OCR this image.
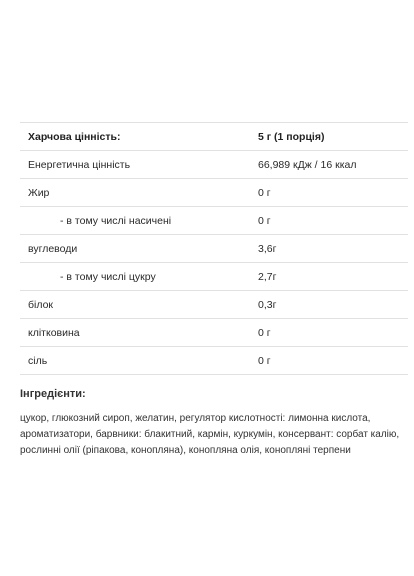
Харчова цінність:	5 г (1 порція)
Енергетична цінність	66,989 кДж / 16 ккал
Жир	0 г
- в тому числі насичені	0 г
вуглеводи	3,6г
- в тому числі цукру	2,7г
білок	0,3г
клітковина	0 г
сіль	0 г
Інгредієнти:

цукор, глюкозний сироп, желатин, регулятор кислотності: лимонна кислота,
ароматизатори, барвники: блакитний, кармін, куркумін, консервант: сорбат калію,
рослинні олії (ріпакова, конопляна), конопляна олія, конопляні терпени
